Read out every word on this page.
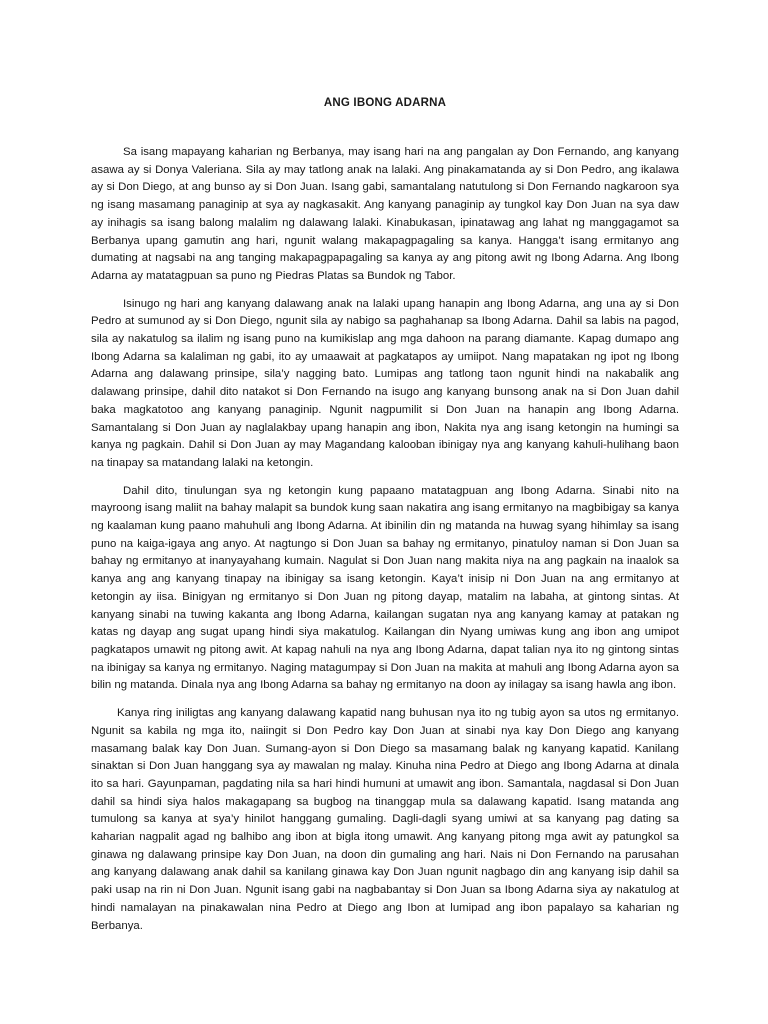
ANG IBONG ADARNA

Sa isang mapayang kaharian ng Berbanya, may isang hari na ang pangalan ay Don Fernando, ang kanyang asawa ay si Donya Valeriana. Sila ay may tatlong anak na lalaki. Ang pinakamatanda ay si Don Pedro, ang ikalawa ay si Don Diego, at ang bunso ay si Don Juan. Isang gabi, samantalang natutulong si Don Fernando nagkaroon sya ng isang masamang panaginip at sya ay nagkasakit. Ang kanyang panaginip ay tungkol kay Don Juan na sya daw ay inihagis sa isang balong malalim ng dalawang lalaki. Kinabukasan, ipinatawag ang lahat ng manggagamot sa Berbanya upang gamutin ang hari, ngunit walang makapagpagaling sa kanya. Hangga’t isang ermitanyo ang dumating at nagsabi na ang tanging makapagpapagaling sa kanya ay ang pitong awit ng Ibong Adarna. Ang Ibong Adarna ay matatagpuan sa puno ng Piedras Platas sa Bundok ng Tabor.

Isinugo ng hari ang kanyang dalawang anak na lalaki upang hanapin ang Ibong Adarna, ang una ay si Don Pedro at sumunod ay si Don Diego, ngunit sila ay nabigo sa paghahanap sa Ibong Adarna. Dahil sa labis na pagod, sila ay nakatulog sa ilalim ng isang puno na kumikislap ang mga dahoon na parang diamante. Kapag dumapo ang Ibong Adarna sa kalaliman ng gabi, ito ay umaawait at pagkatapos ay umiipot. Nang mapatakan ng ipot ng Ibong Adarna ang dalawang prinsipe, sila’y nagging bato. Lumipas ang tatlong taon ngunit hindi na nakabalik ang dalawang prinsipe, dahil dito natakot si Don Fernando na isugo ang kanyang bunsong anak na si Don Juan dahil baka magkatotoo ang kanyang panaginip. Ngunit nagpumilit si Don Juan na hanapin ang Ibong Adarna. Samantalang si Don Juan ay naglalakbay upang hanapin ang ibon, Nakita nya ang isang ketongin na humingi sa kanya ng pagkain. Dahil si Don Juan ay may Magandang kalooban ibinigay nya ang kanyang kahuli-hulihang baon na tinapay sa matandang lalaki na ketongin.

Dahil dito, tinulungan sya ng ketongin kung papaano matatagpuan ang Ibong Adarna. Sinabi nito na mayroong isang maliit na bahay malapit sa bundok kung saan nakatira ang isang ermitanyo na magbibigay sa kanya ng kaalaman kung paano mahuhuli ang Ibong Adarna. At ibinilin din ng matanda na huwag syang hihimlay sa isang puno na kaiga-igaya ang anyo. At nagtungo si Don Juan sa bahay ng ermitanyo, pinatuloy naman si Don Juan sa bahay ng ermitanyo at inanyayahang kumain. Nagulat si Don Juan nang makita niya na ang pagkain na inaalok sa kanya ang ang kanyang tinapay na ibinigay sa isang ketongin. Kaya’t inisip ni Don Juan na ang ermitanyo at ketongin ay iisa. Binigyan ng ermitanyo si Don Juan ng pitong dayap, matalim na labaha, at gintong sintas. At kanyang sinabi na tuwing kakanta ang Ibong Adarna, kailangan sugatan nya ang kanyang kamay at patakan ng katas ng dayap ang sugat upang hindi siya makatulog. Kailangan din Nyang umiwas kung ang ibon ang umipot pagkatapos umawit ng pitong awit. At kapag nahuli na nya ang Ibong Adarna, dapat talian nya ito ng gintong sintas na ibinigay sa kanya ng ermitanyo. Naging matagumpay si Don Juan na makita at mahuli ang Ibong Adarna ayon sa bilin ng matanda. Dinala nya ang Ibong Adarna sa bahay ng ermitanyo na doon ay inilagay sa isang hawla ang ibon.

Kanya ring iniligtas ang kanyang dalawang kapatid nang buhusan nya ito ng tubig ayon sa utos ng ermitanyo. Ngunit sa kabila ng mga ito, naiingit si Don Pedro kay Don Juan at sinabi nya kay Don Diego ang kanyang masamang balak kay Don Juan. Sumang-ayon si Don Diego sa masamang balak ng kanyang kapatid. Kanilang sinaktan si Don Juan hanggang sya ay mawalan ng malay. Kinuha nina Pedro at Diego ang Ibong Adarna at dinala ito sa hari. Gayunpaman, pagdating nila sa hari hindi humuni at umawit ang ibon. Samantala, nagdasal si Don Juan dahil sa hindi siya halos makagapang sa bugbog na tinanggap mula sa dalawang kapatid. Isang matanda ang tumulong sa kanya at sya’y hinilot hanggang gumaling. Dagli-dagli syang umiwi at sa kanyang pag dating sa kaharian nagpalit agad ng balhibo ang ibon at bigla itong umawit. Ang kanyang pitong mga awit ay patungkol sa ginawa ng dalawang prinsipe kay Don Juan, na doon din gumaling ang hari. Nais ni Don Fernando na parusahan ang kanyang dalawang anak dahil sa kanilang ginawa kay Don Juan ngunit nagbago din ang kanyang isip dahil sa paki usap na rin ni Don Juan. Ngunit isang gabi na nagbabantay si Don Juan sa Ibong Adarna siya ay nakatulog at hindi namalayan na pinakawalan nina Pedro at Diego ang Ibon at lumipad ang ibon papalayo sa kaharian ng Berbanya.
